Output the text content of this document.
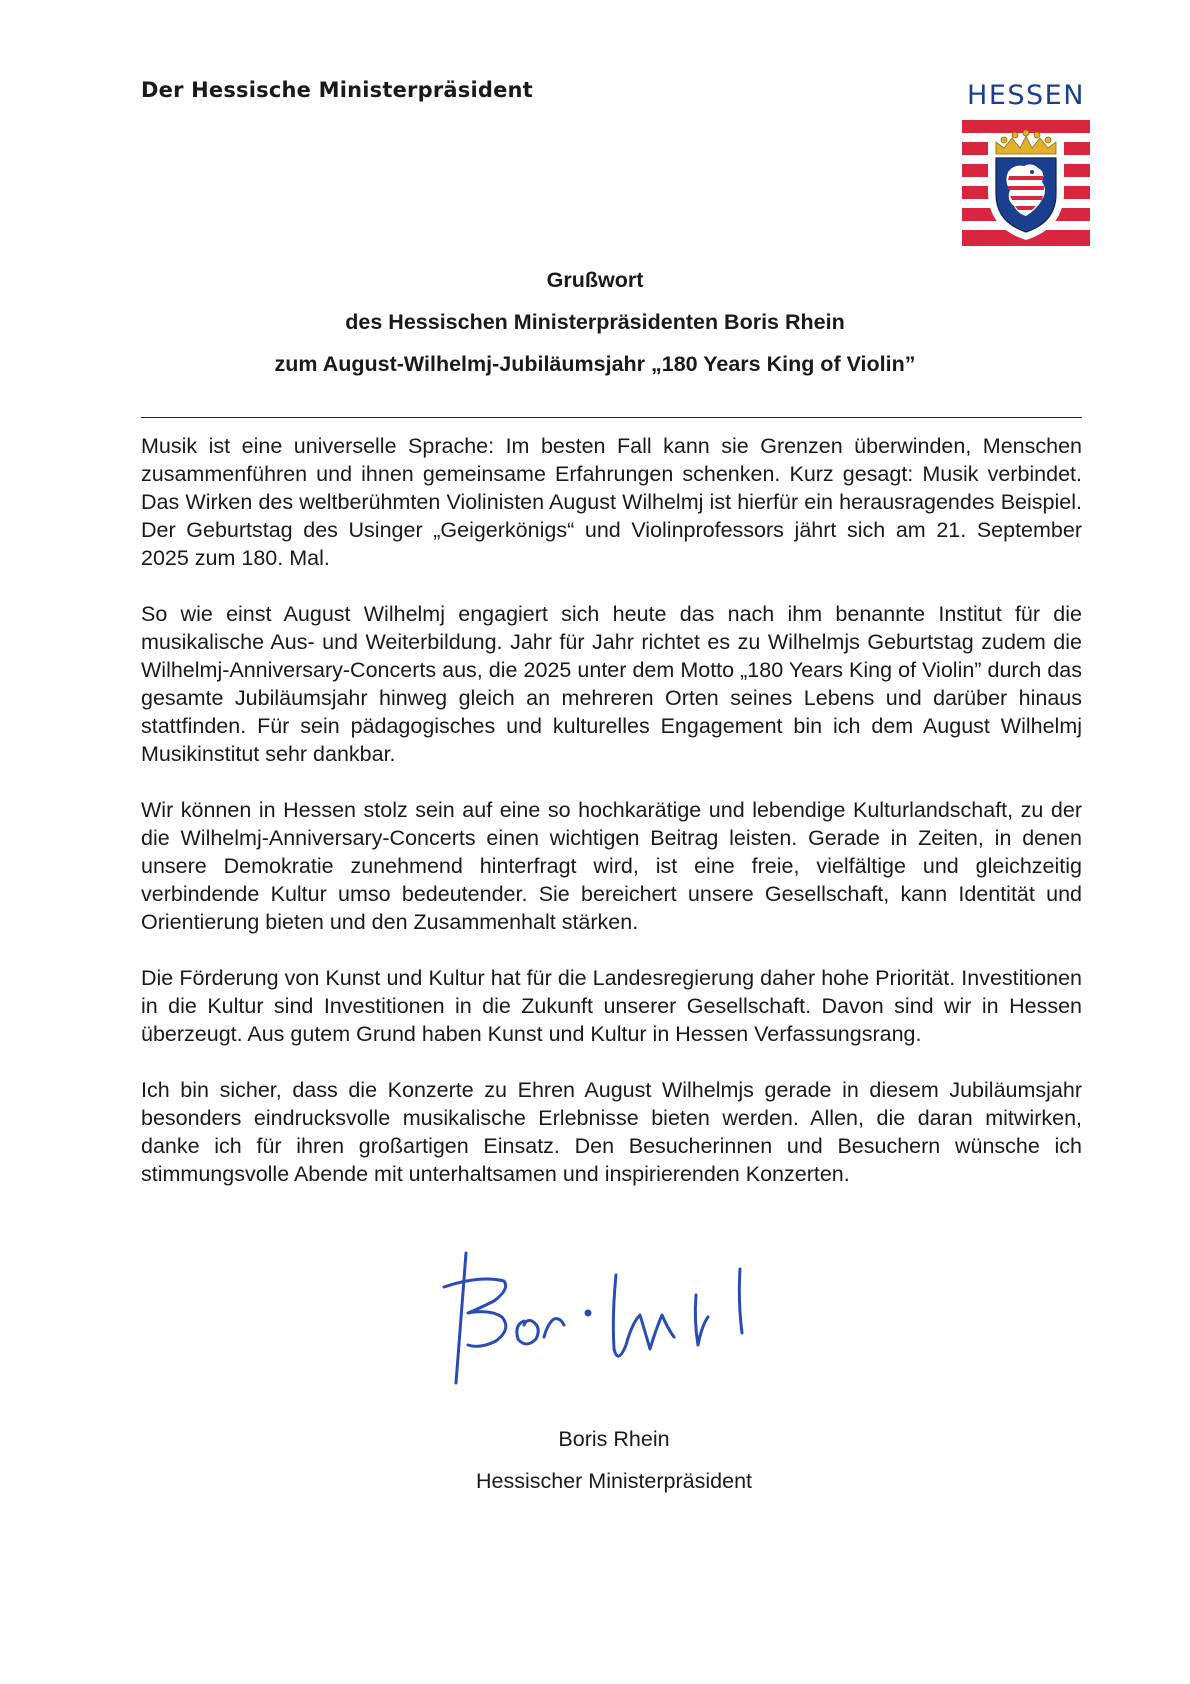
Der Hessische Ministerpräsident	HESSEN
Grußwort
des Hessischen Ministerpräsidenten Boris Rhein
zum August-Wilhelmj-Jubiläumsjahr „180 Years King of Violin”

Musik ist eine universelle Sprache: Im besten Fall kann sie Grenzen überwinden, Menschen zusammenführen und ihnen gemeinsame Erfahrungen schenken. Kurz gesagt: Musik verbindet. Das Wirken des weltberühmten Violinisten August Wilhelmj ist hierfür ein herausragendes Beispiel. Der Geburtstag des Usinger „Geigerkönigs“ und Violinprofessors jährt sich am 21. September 2025 zum 180. Mal.

So wie einst August Wilhelmj engagiert sich heute das nach ihm benannte Institut für die musikalische Aus- und Weiterbildung. Jahr für Jahr richtet es zu Wilhelmjs Geburtstag zudem die Wilhelmj-Anniversary-Concerts aus, die 2025 unter dem Motto „180 Years King of Violin” durch das gesamte Jubiläumsjahr hinweg gleich an mehreren Orten seines Lebens und darüber hinaus stattfinden. Für sein pädagogisches und kulturelles Engagement bin ich dem August Wilhelmj Musikinstitut sehr dankbar.

Wir können in Hessen stolz sein auf eine so hochkarätige und lebendige Kulturlandschaft, zu der die Wilhelmj-Anniversary-Concerts einen wichtigen Beitrag leisten. Gerade in Zeiten, in denen unsere Demokratie zunehmend hinterfragt wird, ist eine freie, vielfältige und gleichzeitig verbindende Kultur umso bedeutender. Sie bereichert unsere Gesellschaft, kann Identität und Orientierung bieten und den Zusammenhalt stärken.

Die Förderung von Kunst und Kultur hat für die Landesregierung daher hohe Priorität. Investitionen in die Kultur sind Investitionen in die Zukunft unserer Gesellschaft. Davon sind wir in Hessen überzeugt. Aus gutem Grund haben Kunst und Kultur in Hessen Verfassungsrang.

Ich bin sicher, dass die Konzerte zu Ehren August Wilhelmjs gerade in diesem Jubiläumsjahr besonders eindrucksvolle musikalische Erlebnisse bieten werden. Allen, die daran mitwirken, danke ich für ihren großartigen Einsatz. Den Besucherinnen und Besuchern wünsche ich stimmungsvolle Abende mit unterhaltsamen und inspirierenden Konzerten.

Boris Rhein
Hessischer Ministerpräsident
